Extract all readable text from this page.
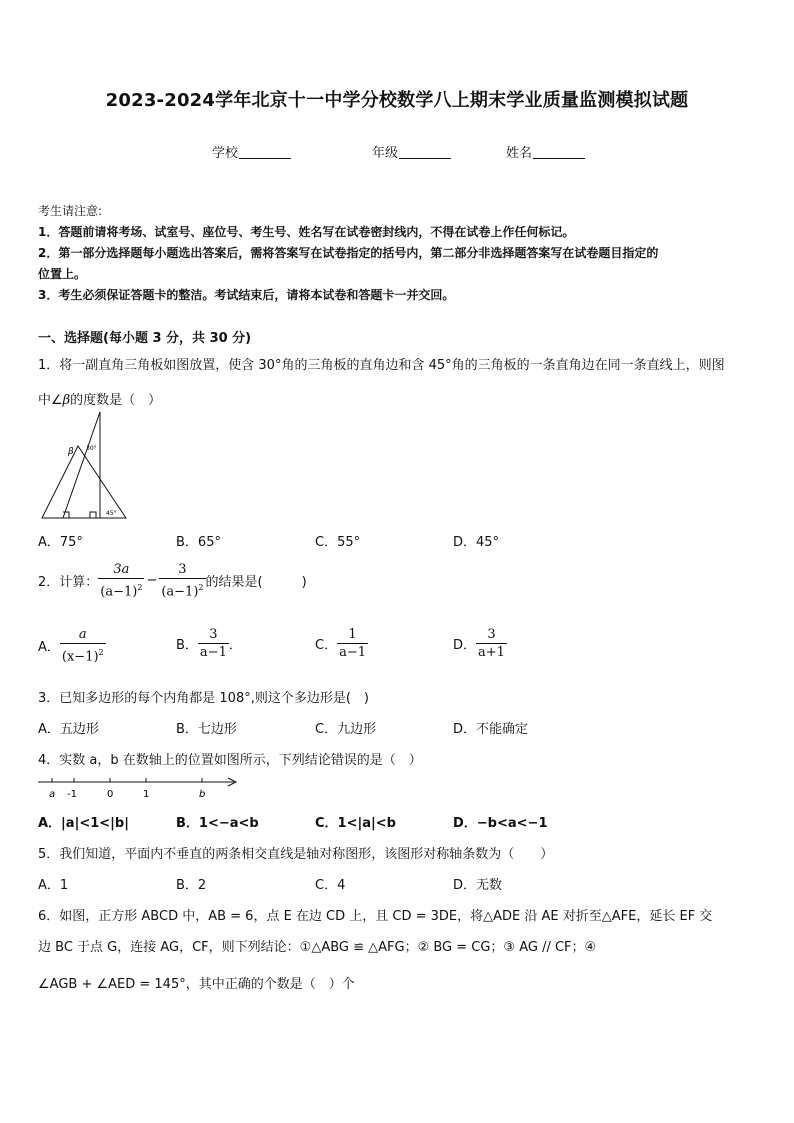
2023-2024学年北京十一中学分校数学八上期末学业质量监测模拟试题
学校	年级	姓名
考生请注意:
1．答题前请将考场、试室号、座位号、考生号、姓名写在试卷密封线内，不得在试卷上作任何标记。
2．第一部分选择题每小题选出答案后，需将答案写在试卷指定的括号内，第二部分非选择题答案写在试卷题目指定的
位置上。
3．考生必须保证答题卡的整洁。考试结束后，请将本试卷和答题卡一并交回。
一、选择题(每小题 3 分，共 30 分)
1．将一副直角三角板如图放置，使含 30°角的三角板的直角边和含 45°角的三角板的一条直角边在同一条直线上，则图
中∠β的度数是（　）
β 30°
45°
A．75°	B．65°	C．55°	D．45°
2．计算： $\frac{3a}{(a-1)^2} - \frac{3}{(a-1)^2}$ 的结果是(　　　)
A． $\frac{a}{(x-1)^2}$	B． $\frac{3}{a-1}$ ．	C． $\frac{1}{a-1}$	D． $\frac{3}{a+1}$
3．已知多边形的每个内角都是 108°,则这个多边形是(　)
A．五边形	B．七边形	C．九边形	D．不能确定
4．实数 a，b 在数轴上的位置如图所示，下列结论错误的是（　）
a -1	0	1	b
A．|a|<1<|b|	B．1<−a<b	C．1<|a|<b	D．−b<a<−1
5．我们知道，平面内不垂直的两条相交直线是轴对称图形，该图形对称轴条数为（　　）
A．1	B．2	C．4	D．无数
6．如图，正方形 ABCD 中，AB = 6，点 E 在边 CD 上，且 CD = 3DE，将△ADE 沿 AE 对折至△AFE，延长 EF 交
边 BC 于点 G，连接 AG，CF，则下列结论：①△ABG ≌ △AFG；② BG = CG；③ AG // CF；④
∠AGB + ∠AED = 145°，其中正确的个数是（　）个
